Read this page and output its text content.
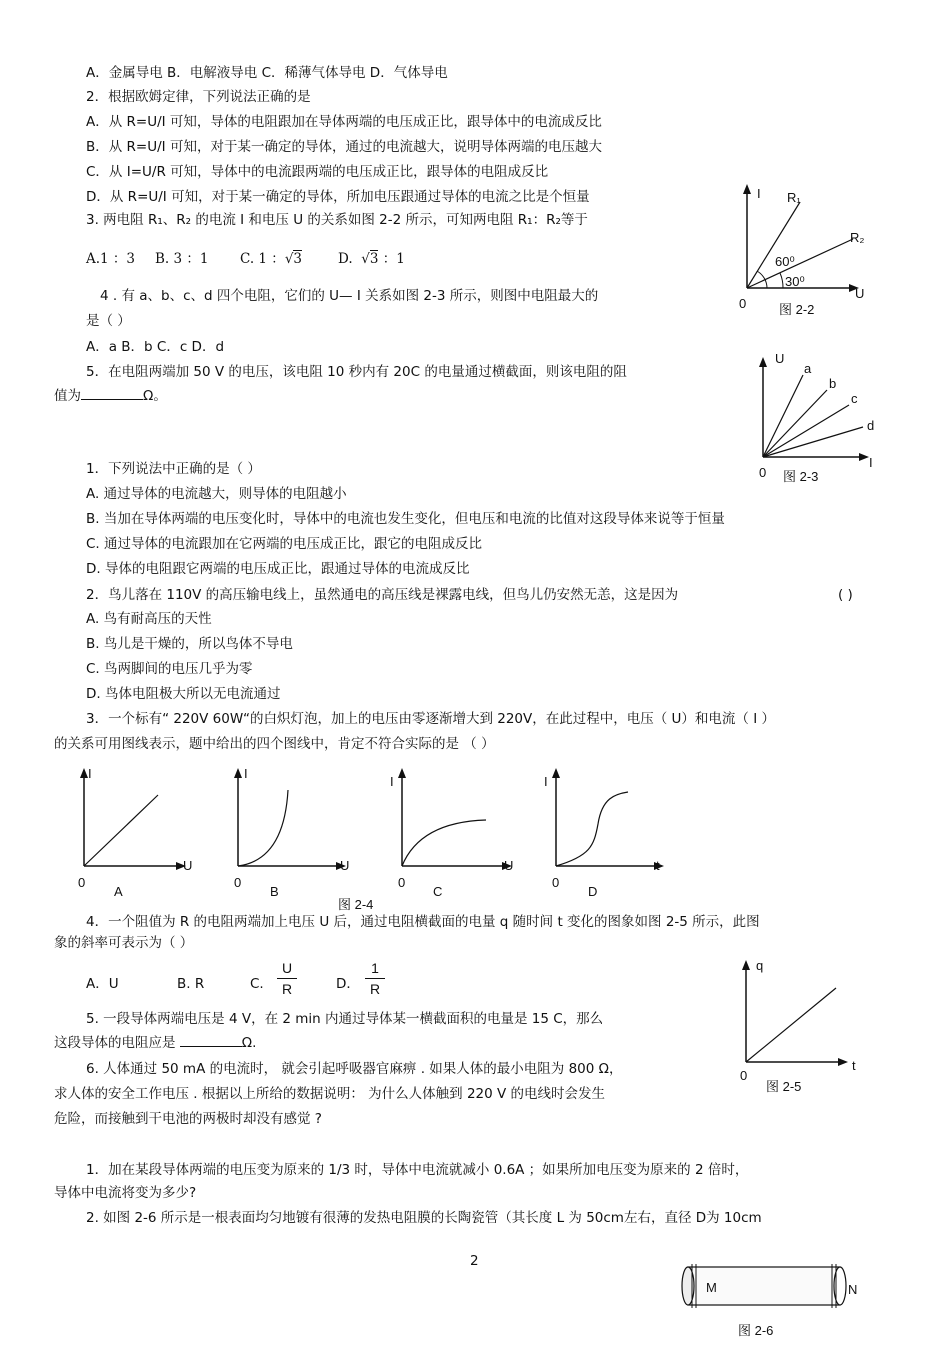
A．金属导电 B．电解液导电 C．稀薄气体导电 D．气体导电
2．根据欧姆定律，下列说法正确的是
A．从 R=U/I 可知，导体的电阻跟加在导体两端的电压成正比，跟导体中的电流成反比
B．从 R=U/I 可知，对于某一确定的导体，通过的电流越大，说明导体两端的电压越大
C．从 I=U/R 可知，导体中的电流跟两端的电压成正比，跟导体的电阻成反比
D．从 R=U/I 可知，对于某一确定的导体，所加电压跟通过导体的电流之比是个恒量
3. 两电阻 R₁、R₂ 的电流 I 和电压 U 的关系如图 2-2 所示，可知两电阻 R₁：R₂等于
A.1 ：3 B. 3 ：1 C. 1 ：√3	D. √3 ：1
4 . 有 a、b、c、d 四个电阻，它们的 U— I 关系如图 2-3 所示，则图中电阻最大的
是（ ）
A．a B．b C．c D．d
5．在电阻两端加 50 V 的电压，该电阻 10 秒内有 20C 的电量通过横截面，则该电阻的阻
值为	Ω。
I R₁
R₂
60⁰
30⁰
0
U
图 2-2
U
a
b
c
d
I
0 图 2-3
1．下列说法中正确的是（ ）
A. 通过导体的电流越大，则导体的电阻越小
B. 当加在导体两端的电压变化时，导体中的电流也发生变化，但电压和电流的比值对这段导体来说等于恒量
C. 通过导体的电流跟加在它两端的电压成正比，跟它的电阻成反比
D. 导体的电阻跟它两端的电压成正比，跟通过导体的电流成反比
2．鸟儿落在 110V 的高压输电线上，虽然通电的高压线是裸露电线，但鸟儿仍安然无恙，这是因为	( )
A. 鸟有耐高压的天性
B. 鸟儿是干燥的，所以鸟体不导电
C. 鸟两脚间的电压几乎为零
D. 鸟体电阻极大所以无电流通过
3．一个标有“ 220V 60W“的白炽灯泡，加上的电压由零逐渐增大到 220V，在此过程中，电压（ U）和电流（ I ）
的关系可用图线表示，题中给出的四个图线中，肯定不符合实际的是 （ ）
I
U
0
A
I
U
0
B
I
U
0
C
I
t
0
D
图 2-4
4．一个阻值为 R 的电阻两端加上电压 U 后，通过电阻横截面的电量 q 随时间 t 变化的图象如图 2-5 所示，此图
象的斜率可表示为（ ）
A．U	B. R	C.
U
R	D．
1
R
5. 一段导体两端电压是 4 V，在 2 min 内通过导体某一横截面积的电量是 15 C，那么
这段导体的电阻应是	Ω.
6. 人体通过 50 mA 的电流时， 就会引起呼吸器官麻痹 . 如果人体的最小电阻为 800 Ω，
求人体的安全工作电压 . 根据以上所给的数据说明： 为什么人体触到 220 V 的电线时会发生
危险，而接触到干电池的两极时却没有感觉 ?
q
t
0
图 2-5
1．加在某段导体两端的电压变为原来的 1/3 时，导体中电流就减小 0.6A ；如果所加电压变为原来的 2 倍时，
导体中电流将变为多少?
2. 如图 2-6 所示是一根表面均匀地镀有很薄的发热电阻膜的长陶瓷管（其长度 L 为 50cm左右，直径 D为 10cm
2
M	N
图 2-6
